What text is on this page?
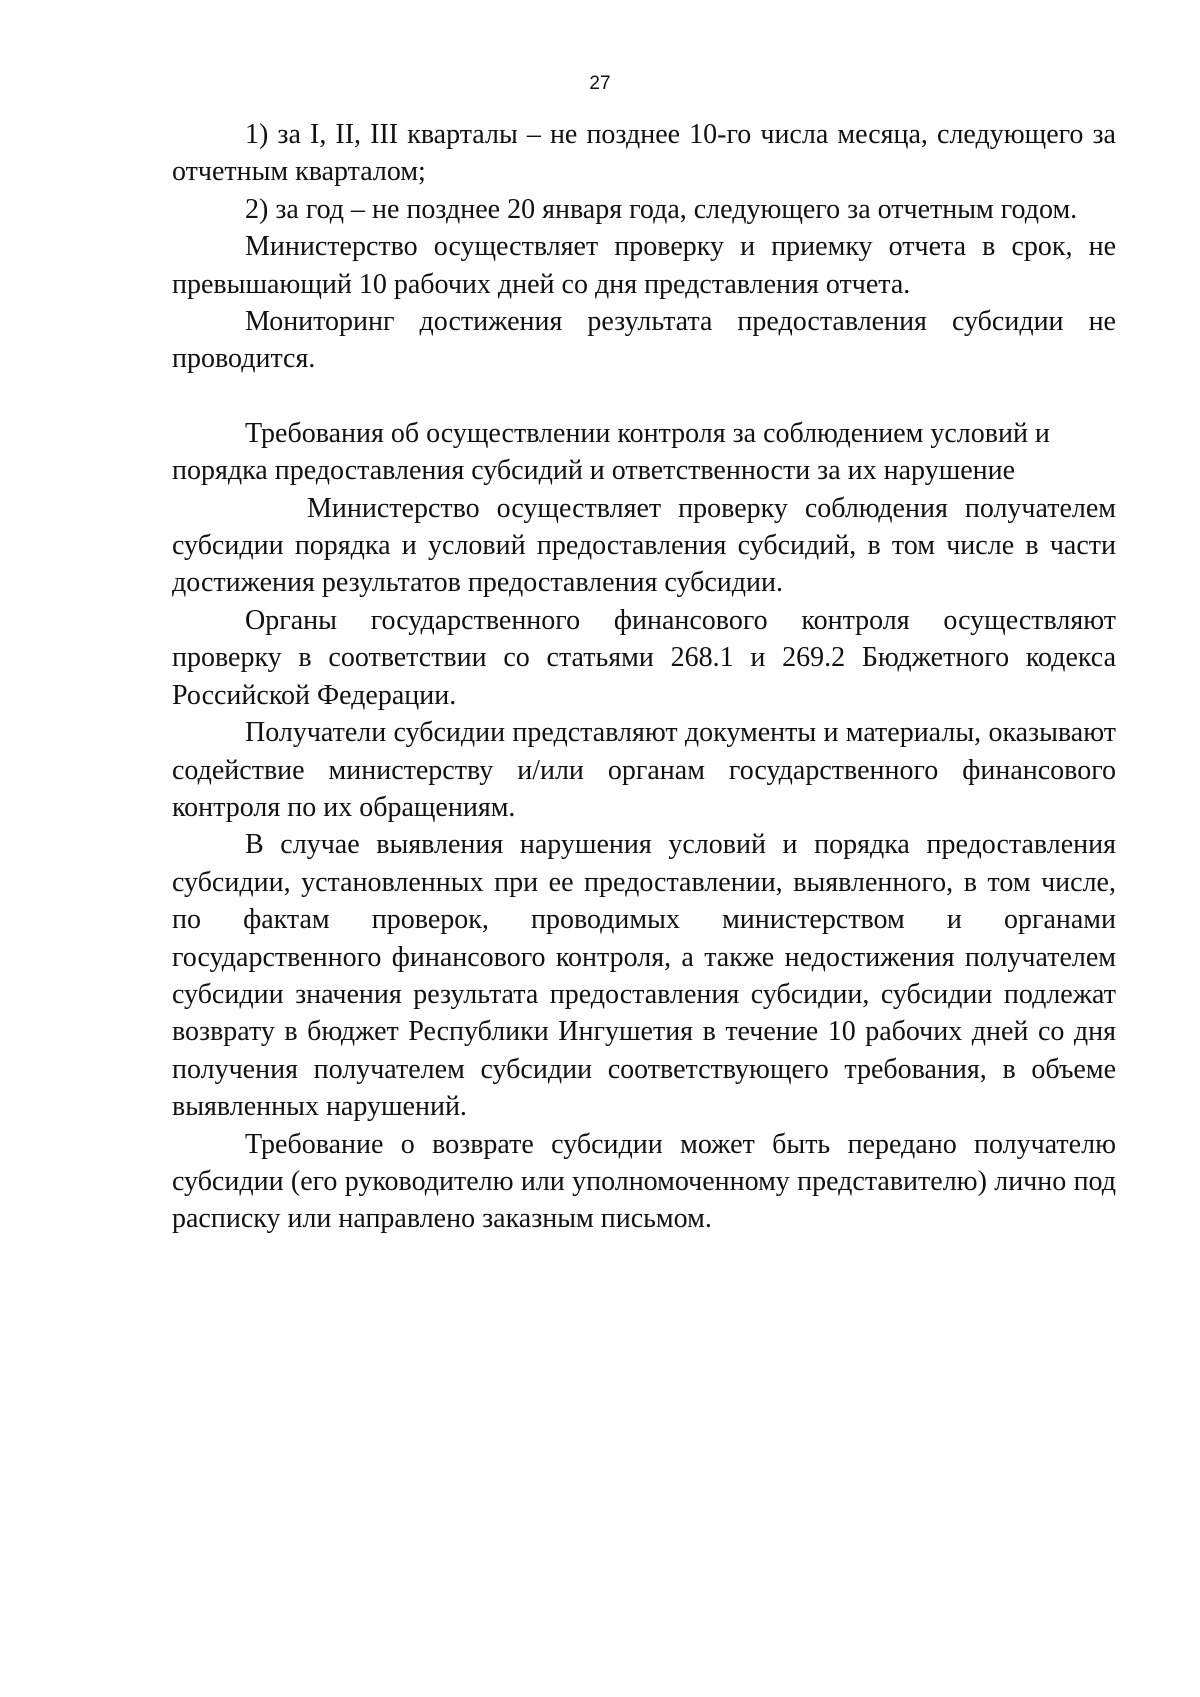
27

1) за I, II, III кварталы – не позднее 10-го числа месяца, следующего за отчетным кварталом;

2) за год – не позднее 20 января года, следующего за отчетным годом.

Министерство осуществляет проверку и приемку отчета в срок, не превышающий 10 рабочих дней со дня представления отчета.

Мониторинг достижения результата предоставления субсидии не проводится.

Требования об осуществлении контроля за соблюдением условий и порядка предоставления субсидий и ответственности за их нарушение

Министерство осуществляет проверку соблюдения получателем субсидии порядка и условий предоставления субсидий, в том числе в части достижения результатов предоставления субсидии.

Органы государственного финансового контроля осуществляют проверку в соответствии со статьями 268.1 и 269.2 Бюджетного кодекса Российской Федерации.

Получатели субсидии представляют документы и материалы, оказывают содействие министерству и/или органам государственного финансового контроля по их обращениям.

В случае выявления нарушения условий и порядка предоставления субсидии, установленных при ее предоставлении, выявленного, в том числе, по фактам проверок, проводимых министерством и органами государственного финансового контроля, а также недостижения получателем субсидии значения результата предоставления субсидии, субсидии подлежат возврату в бюджет Республики Ингушетия в течение 10 рабочих дней со дня получения получателем субсидии соответствующего требования, в объеме выявленных нарушений.

Требование о возврате субсидии может быть передано получателю субсидии (его руководителю или уполномоченному представителю) лично под расписку или направлено заказным письмом.
